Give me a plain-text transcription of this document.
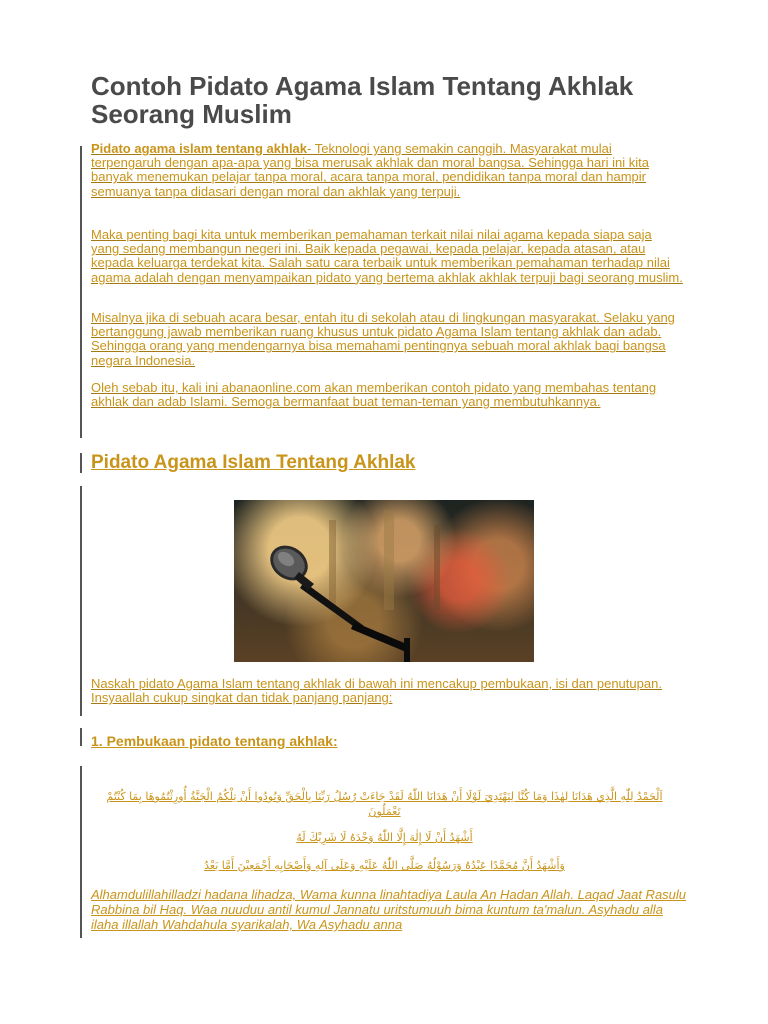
Contoh Pidato Agama Islam Tentang Akhlak Seorang Muslim

Pidato agama islam tentang akhlak- Teknologi yang semakin canggih. Masyarakat mulai terpengaruh dengan apa-apa yang bisa merusak akhlak dan moral bangsa. Sehingga hari ini kita banyak menemukan pelajar tanpa moral, acara tanpa moral, pendidikan tanpa moral dan hampir semuanya tanpa didasari dengan moral dan akhlak yang terpuji.

Maka penting bagi kita untuk memberikan pemahaman terkait nilai nilai agama kepada siapa saja yang sedang membangun negeri ini. Baik kepada pegawai, kepada pelajar, kepada atasan, atau kepada keluarga terdekat kita. Salah satu cara terbaik untuk memberikan pemahaman terhadap nilai agama adalah dengan menyampaikan pidato yang bertema akhlak akhlak terpuji bagi seorang muslim.

Misalnya jika di sebuah acara besar, entah itu di sekolah atau di lingkungan masyarakat. Selaku yang bertanggung jawab memberikan ruang khusus untuk pidato Agama Islam tentang akhlak dan adab. Sehingga orang yang mendengarnya bisa memahami pentingnya sebuah moral akhlak bagi bangsa negara Indonesia.

Oleh sebab itu, kali ini abanaonline.com akan memberikan contoh pidato yang membahas tentang akhlak dan adab Islami. Semoga bermanfaat buat teman-teman yang membutuhkannya.

Pidato Agama Islam Tentang Akhlak

Naskah pidato Agama Islam tentang akhlak di bawah ini mencakup pembukaan, isi dan penutupan. Insyaallah cukup singkat dan tidak panjang panjang:

1. Pembukaan pidato tentang akhlak:

اَلْحَمْدُ لِلّٰهِ الَّذِي هَدَانَا لِهٰذَا وَمَا كُنَّا لِنَهْتَدِيَ لَوْلَا أَنْ هَدَانَا اللّٰهُ لَقَدْ جَاءَتْ رُسُلُ رَبِّنَا بِالْحَقِّ وَنُودُوا أَنْ تِلْكُمُ الْجَنَّةُ أُورِثْتُمُوهَا بِمَا كُنْتُمْ تَعْمَلُونَ

أَشْهَدُ أَنْ لَا إِلٰهَ إِلَّا اللّٰهُ وَحْدَهُ لَا شَرِيْكَ لَهُ

وَأَشْهَدُ أَنَّ مُحَمَّدًا عَبْدُهُ وَرَسُوْلُهُ صَلَّى اللّٰهُ عَلَيْهِ وَعَلَى آلِهِ وَأَصْحَابِهِ أَجْمَعِيْنَ أَمَّا بَعْدُ

Alhamdulillahilladzi hadana lihadza, Wama kunna linahtadiya Laula An Hadan Allah. Laqad Jaat Rasulu Rabbina bil Haq. Waa nuuduu antil kumul Jannatu uritstumuuh bima kuntum ta'malun. Asyhadu alla ilaha illallah Wahdahula syarikalah, Wa Asyhadu anna
